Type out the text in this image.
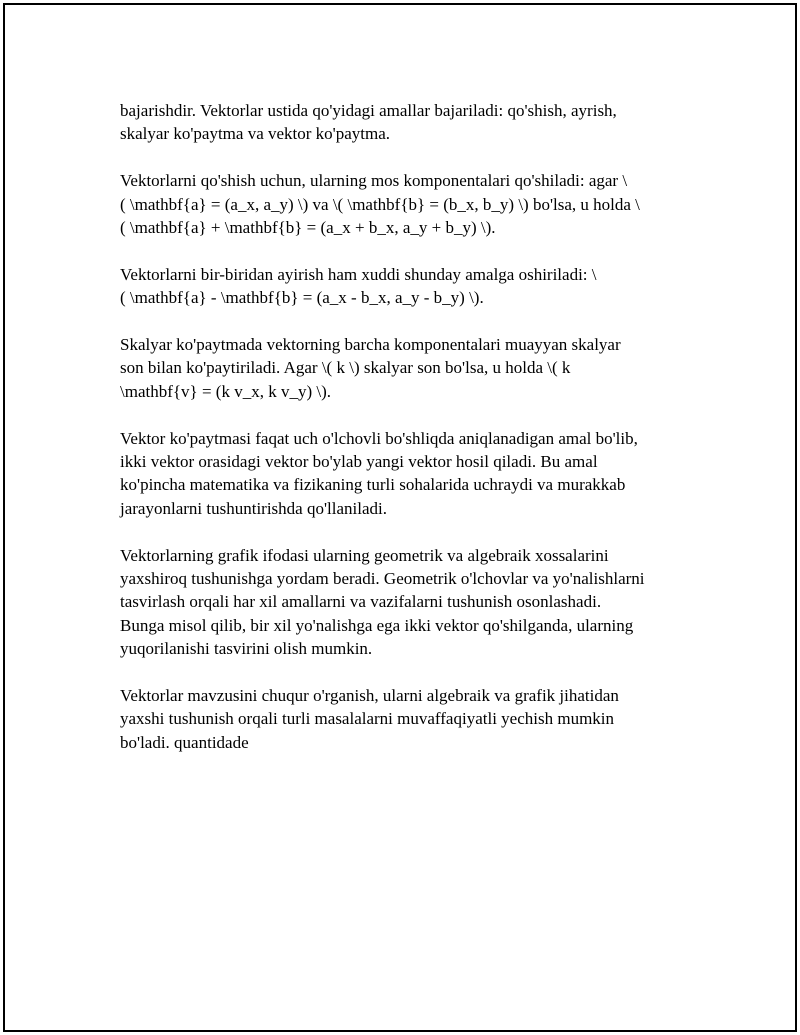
bajarishdir. Vektorlar ustida qo'yidagi amallar bajariladi: qo'shish, ayrish,
skalyar ko'paytma va vektor ko'paytma.

Vektorlarni qo'shish uchun, ularning mos komponentalari qo'shiladi: agar \
( \mathbf{a} = (a_x, a_y) \) va \( \mathbf{b} = (b_x, b_y) \) bo'lsa, u holda \
( \mathbf{a} + \mathbf{b} = (a_x + b_x, a_y + b_y) \).

Vektorlarni bir-biridan ayirish ham xuddi shunday amalga oshiriladi: \
( \mathbf{a} - \mathbf{b} = (a_x - b_x, a_y - b_y) \).

Skalyar ko'paytmada vektorning barcha komponentalari muayyan skalyar
son bilan ko'paytiriladi. Agar \( k \) skalyar son bo'lsa, u holda \( k
\mathbf{v} = (k v_x, k v_y) \).

Vektor ko'paytmasi faqat uch o'lchovli bo'shliqda aniqlanadigan amal bo'lib,
ikki vektor orasidagi vektor bo'ylab yangi vektor hosil qiladi. Bu amal
ko'pincha matematika va fizikaning turli sohalarida uchraydi va murakkab
jarayonlarni tushuntirishda qo'llaniladi.

Vektorlarning grafik ifodasi ularning geometrik va algebraik xossalarini
yaxshiroq tushunishga yordam beradi. Geometrik o'lchovlar va yo'nalishlarni
tasvirlash orqali har xil amallarni va vazifalarni tushunish osonlashadi.
Bunga misol qilib, bir xil yo'nalishga ega ikki vektor qo'shilganda, ularning
yuqorilanishi tasvirini olish mumkin.

Vektorlar mavzusini chuqur o'rganish, ularni algebraik va grafik jihatidan
yaxshi tushunish orqali turli masalalarni muvaffaqiyatli yechish mumkin
bo'ladi. quantidade
